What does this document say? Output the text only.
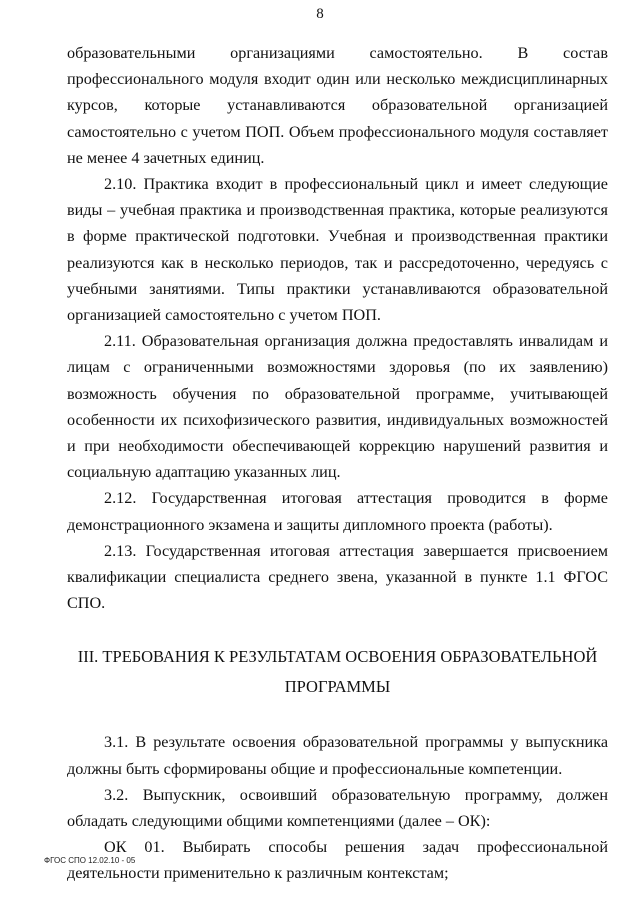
8

образовательными организациями самостоятельно. В состав профессионального модуля входит один или несколько междисциплинарных курсов, которые устанавливаются образовательной организацией самостоятельно с учетом ПОП. Объем профессионального модуля составляет не менее 4 зачетных единиц.

2.10. Практика входит в профессиональный цикл и имеет следующие виды – учебная практика и производственная практика, которые реализуются в форме практической подготовки. Учебная и производственная практики реализуются как в несколько периодов, так и рассредоточенно, чередуясь с учебными занятиями. Типы практики устанавливаются образовательной организацией самостоятельно с учетом ПОП.

2.11. Образовательная организация должна предоставлять инвалидам и лицам с ограниченными возможностями здоровья (по их заявлению) возможность обучения по образовательной программе, учитывающей особенности их психофизического развития, индивидуальных возможностей и при необходимости обеспечивающей коррекцию нарушений развития и социальную адаптацию указанных лиц.

2.12. Государственная итоговая аттестация проводится в форме демонстрационного экзамена и защиты дипломного проекта (работы).

2.13. Государственная итоговая аттестация завершается присвоением квалификации специалиста среднего звена, указанной в пункте 1.1 ФГОС СПО.

III. ТРЕБОВАНИЯ К РЕЗУЛЬТАТАМ ОСВОЕНИЯ ОБРАЗОВАТЕЛЬНОЙ
ПРОГРАММЫ

3.1. В результате освоения образовательной программы у выпускника должны быть сформированы общие и профессиональные компетенции.

3.2. Выпускник, освоивший образовательную программу, должен обладать следующими общими компетенциями (далее – ОК):

ОК 01. Выбирать способы решения задач профессиональной деятельности применительно к различным контекстам;

ФГОС СПО 12.02.10 - 05
